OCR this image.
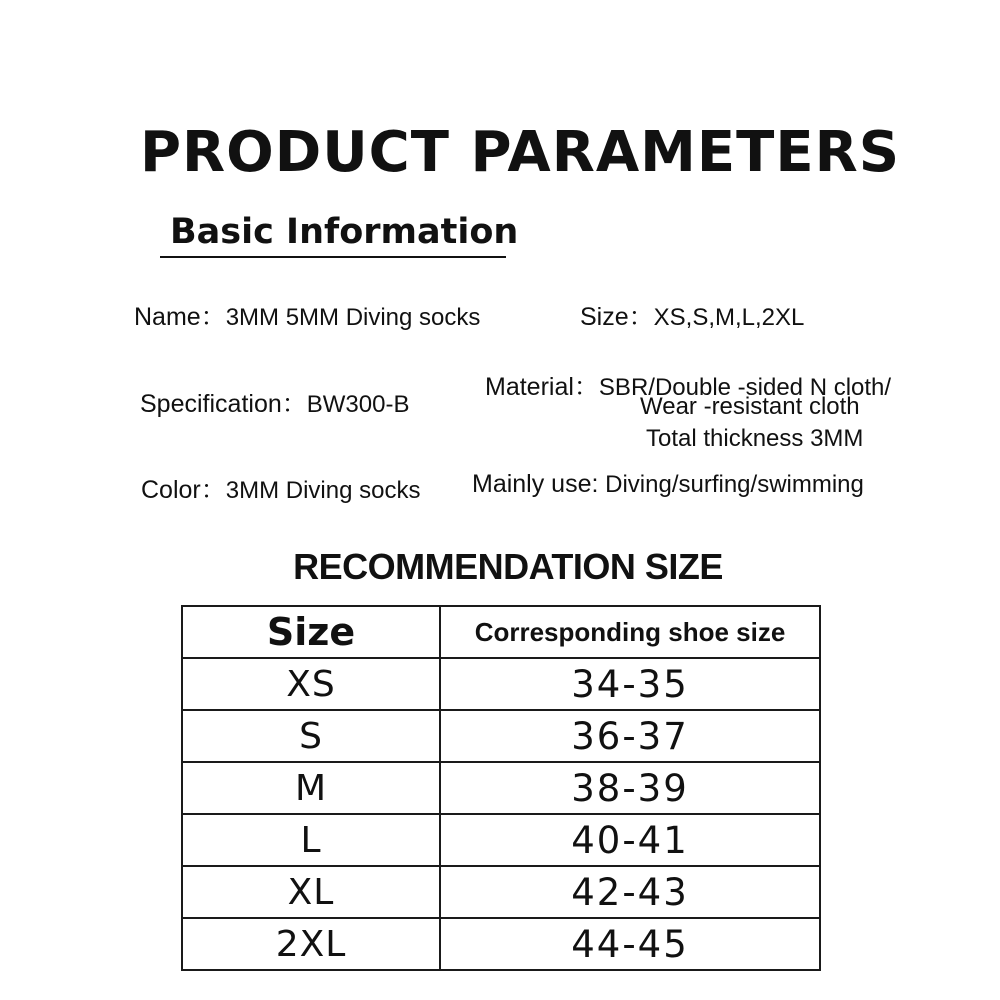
PRODUCT PARAMETERS
Basic Information
Name：3MM 5MM Diving socks	Size：XS,S,M,L,2XL
Specification：BW300-B
Material：SBR/Double -sided N cloth/
Wear -resistant cloth
Total thickness 3MM
Color：3MM Diving socks Mainly use: Diving/surfing/swimming
RECOMMENDATION SIZE
Size	Corresponding shoe size
XS	34-35
S	36-37
M	38-39
L	40-41
XL	42-43
2XL	44-45
